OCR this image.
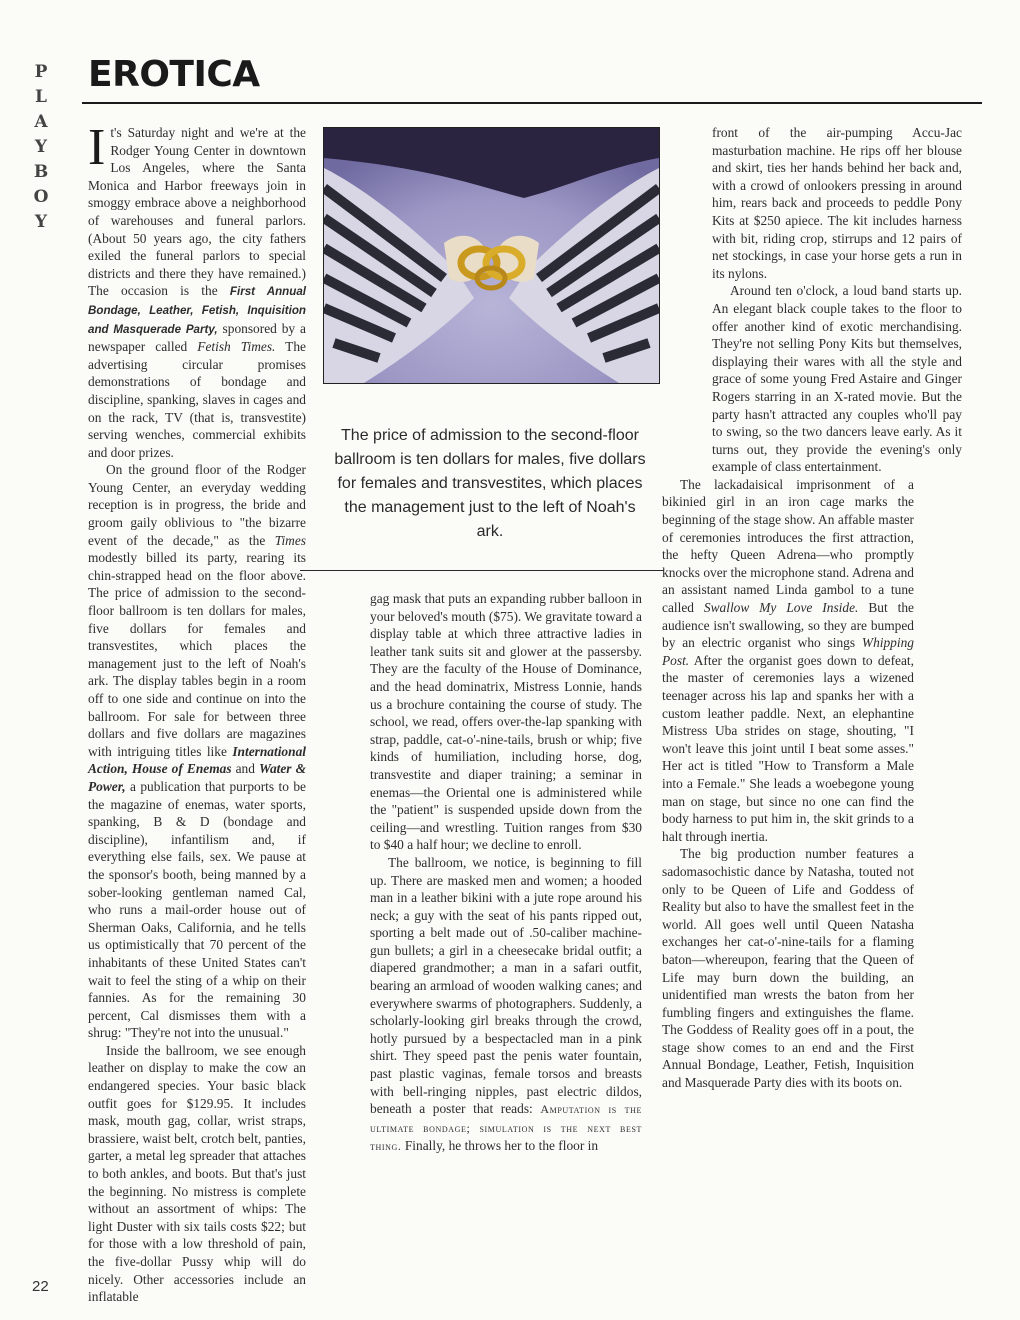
P
L
A
Y
B
O
Y
EROTICA
The price of admission to the second-floor ballroom is ten dollars for males, five dollars for females and transvestites, which places the management just to the left of Noah's ark.

It's Saturday night and we're at the Rodger Young Center in downtown Los Angeles, where the Santa Monica and Harbor freeways join in smoggy embrace above a neighborhood of warehouses and funeral parlors. (About 50 years ago, the city fathers exiled the funeral parlors to special districts and there they have remained.) The occasion is the First Annual Bondage, Leather, Fetish, Inquisition and Masquerade Party, sponsored by a newspaper called Fetish Times. The advertising circular promises demonstrations of bondage and discipline, spanking, slaves in cages and on the rack, TV (that is, transvestite) serving wenches, commercial exhibits and door prizes.

On the ground floor of the Rodger Young Center, an everyday wedding reception is in progress, the bride and groom gaily oblivious to "the bizarre event of the decade," as the Times modestly billed its party, rearing its chin-strapped head on the floor above. The price of admission to the second-floor ballroom is ten dollars for males, five dollars for females and transvestites, which places the management just to the left of Noah's ark. The display tables begin in a room off to one side and continue on into the ballroom. For sale for between three dollars and five dollars are magazines with intriguing titles like International Action, House of Enemas and Water & Power, a publication that purports to be the magazine of enemas, water sports, spanking, B & D (bondage and discipline), infantilism and, if everything else fails, sex. We pause at the sponsor's booth, being manned by a sober-looking gentleman named Cal, who runs a mail-order house out of Sherman Oaks, California, and he tells us optimistically that 70 percent of the inhabitants of these United States can't wait to feel the sting of a whip on their fannies. As for the remaining 30 percent, Cal dismisses them with a shrug: "They're not into the unusual."

Inside the ballroom, we see enough leather on display to make the cow an endangered species. Your basic black outfit goes for $129.95. It includes mask, mouth gag, collar, wrist straps, brassiere, waist belt, crotch belt, panties, garter, a metal leg spreader that attaches to both ankles, and boots. But that's just the beginning. No mistress is complete without an assortment of whips: The light Duster with six tails costs $22; but for those with a low threshold of pain, the five-dollar Pussy whip will do nicely. Other accessories include an inflatable

gag mask that puts an expanding rubber balloon in your beloved's mouth ($75). We gravitate toward a display table at which three attractive ladies in leather tank suits sit and glower at the passersby. They are the faculty of the House of Dominance, and the head dominatrix, Mistress Lonnie, hands us a brochure containing the course of study. The school, we read, offers over-the-lap spanking with strap, paddle, cat-o'-nine-tails, brush or whip; five kinds of humiliation, including horse, dog, transvestite and diaper training; a seminar in enemas—the Oriental one is administered while the "patient" is suspended upside down from the ceiling—and wrestling. Tuition ranges from $30 to $40 a half hour; we decline to enroll.

The ballroom, we notice, is beginning to fill up. There are masked men and women; a hooded man in a leather bikini with a jute rope around his neck; a guy with the seat of his pants ripped out, sporting a belt made out of .50-caliber machine-gun bullets; a girl in a cheesecake bridal outfit; a diapered grandmother; a man in a safari outfit, bearing an armload of wooden walking canes; and everywhere swarms of photographers. Suddenly, a scholarly-looking girl breaks through the crowd, hotly pursued by a bespectacled man in a pink shirt. They speed past the penis water fountain, past plastic vaginas, female torsos and breasts with bell-ringing nipples, past electric dildos, beneath a poster that reads: Amputation is the ultimate bondage; simulation is the next best thing. Finally, he throws her to the floor in

front of the air-pumping Accu-Jac masturbation machine. He rips off her blouse and skirt, ties her hands behind her back and, with a crowd of onlookers pressing in around him, rears back and proceeds to peddle Pony Kits at $250 apiece. The kit includes harness with bit, riding crop, stirrups and 12 pairs of net stockings, in case your horse gets a run in its nylons.

Around ten o'clock, a loud band starts up. An elegant black couple takes to the floor to offer another kind of exotic merchandising. They're not selling Pony Kits but themselves, displaying their wares with all the style and grace of some young Fred Astaire and Ginger Rogers starring in an X-rated movie. But the party hasn't attracted any couples who'll pay to swing, so the two dancers leave early. As it turns out, they provide the evening's only example of class entertainment.

The lackadaisical imprisonment of a bikinied girl in an iron cage marks the beginning of the stage show. An affable master of ceremonies introduces the first attraction, the hefty Queen Adrena—who promptly knocks over the microphone stand. Adrena and an assistant named Linda gambol to a tune called Swallow My Love Inside. But the audience isn't swallowing, so they are bumped by an electric organist who sings Whipping Post. After the organist goes down to defeat, the master of ceremonies lays a wizened teenager across his lap and spanks her with a custom leather paddle. Next, an elephantine Mistress Uba strides on stage, shouting, "I won't leave this joint until I beat some asses." Her act is titled "How to Transform a Male into a Female." She leads a woebegone young man on stage, but since no one can find the body harness to put him in, the skit grinds to a halt through inertia.

The big production number features a sadomasochistic dance by Natasha, touted not only to be Queen of Life and Goddess of Reality but also to have the smallest feet in the world. All goes well until Queen Natasha exchanges her cat-o'-nine-tails for a flaming baton—whereupon, fearing that the Queen of Life may burn down the building, an unidentified man wrests the baton from her fumbling fingers and extinguishes the flame. The Goddess of Reality goes off in a pout, the stage show comes to an end and the First Annual Bondage, Leather, Fetish, Inquisition and Masquerade Party dies with its boots on.

22
